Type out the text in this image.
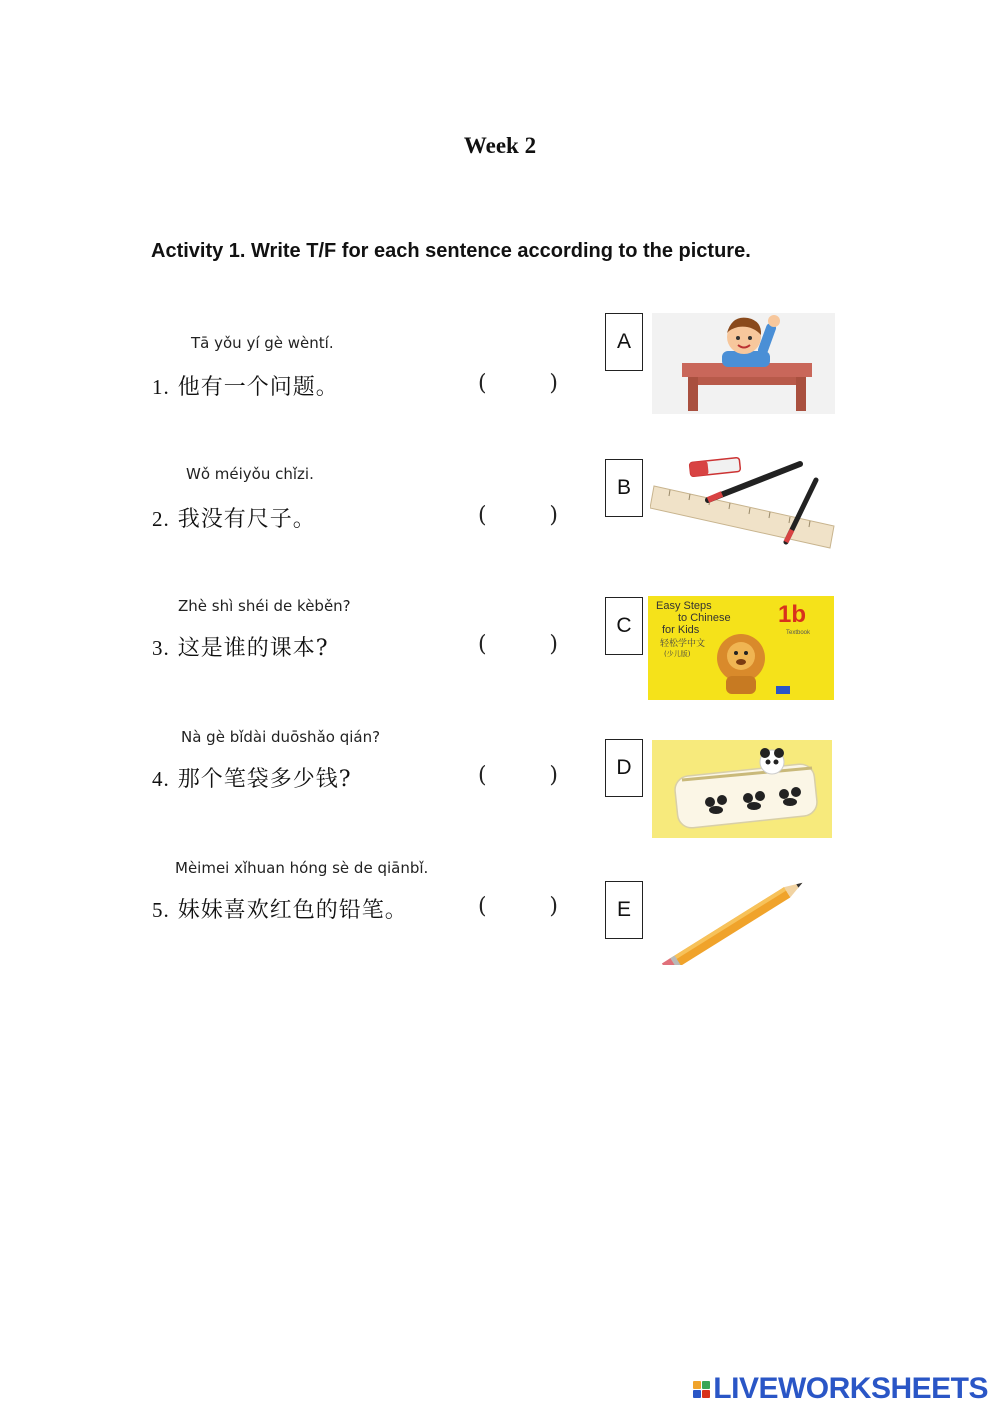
Week 2
Activity 1. Write T/F for each sentence according to the picture.
Tā yǒu yí gè wèntí.
1. 他有一个问题。	(	)
A
Wǒ méiyǒu chǐzi.
2. 我没有尺子。	(	)
B
Zhè shì shéi de kèběn?
3. 这是谁的课本?	(	)
C
Easy Steps
to Chinese
for Kids
1b
Textbook
轻松学中文
(少儿版)
Nà gè bǐdài duōshǎo qián?
4. 那个笔袋多少钱?	(	)	D
Mèimei xǐhuan hóng sè de qiānbǐ.
5. 妹妹喜欢红色的铅笔。	(	)	E
LIVEWORKSHEETS
